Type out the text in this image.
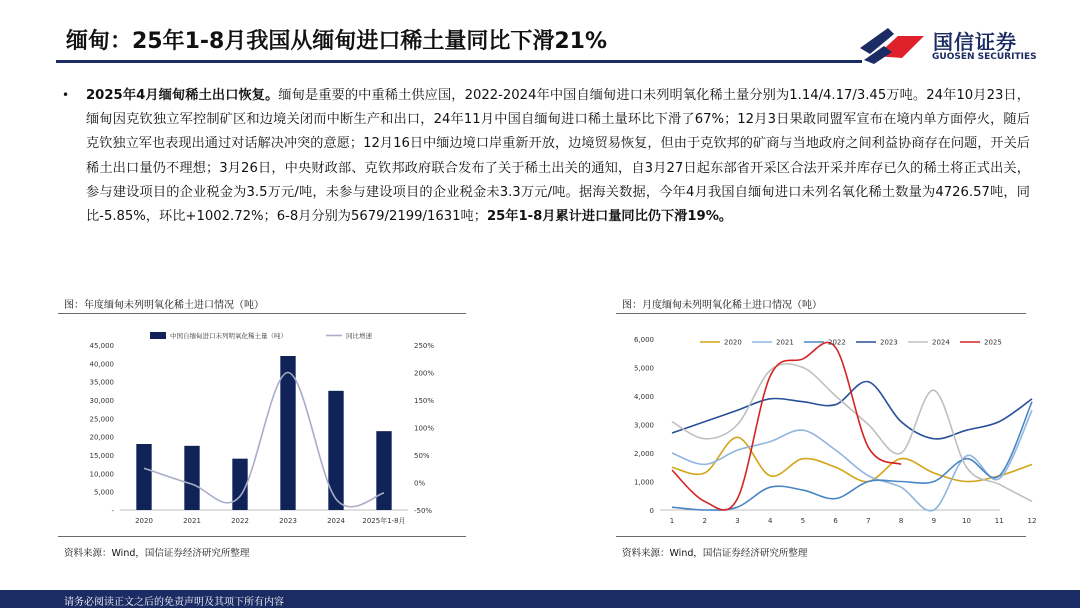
缅甸：25年1-8月我国从缅甸进口稀土量同比下滑21%	国信证券
GUOSEN SECURITIES
• 2025年4月缅甸稀土出口恢复。缅甸是重要的中重稀土供应国，2022-2024年中国自缅甸进口未列明氧化稀土量分别为1.14/4.17/3.45万吨。24年10月23日，缅甸因克钦独立军控制矿区和边境关闭而中断生产和出口，24年11月中国自缅甸进口稀土量环比下滑了67%；12月3日果敢同盟军宣布在境内单方面停火，随后克钦独立军也表现出通过对话解决冲突的意愿；12月16日中缅边境口岸重新开放，边境贸易恢复，但由于克钦邦的矿商与当地政府之间利益协商存在问题，开关后稀土出口量仍不理想；3月26日，中央财政部、克钦邦政府联合发布了关于稀土出关的通知，自3月27日起东部省开采区合法开采并库存已久的稀土将正式出关，参与建设项目的企业税金为3.5万元/吨，未参与建设项目的企业税金未3.3万元/吨。据海关数据，今年4月我国自缅甸进口未列名氧化稀土数量为4726.57吨，同比-5.85%，环比+1002.72%；6-8月分别为5679/2199/1631吨；25年1-8月累计进口量同比仍下滑19%。
图：年度缅甸未列明氧化稀土进口情况（吨）
-
5,000
10,000
15,000
20,000
25,000
30,000
35,000
40,000
45,000
-50%
0%
50%
100%
150%
200%
250%
2020	2021	2022	2023	2024 2025年1-8月
中国自缅甸进口未列明氧化稀土量（吨）	同比增速
资料来源：Wind，国信证券经济研究所整理
图：月度缅甸未列明氧化稀土进口情况（吨）
0
1,000
2,000
3,000
4,000
5,000
6,000
1	2	3	4	5	6	7	8	9	10	11	12
2020	2021	2022	2023	2024	2025
资料来源：Wind，国信证券经济研究所整理
请务必阅读正文之后的免责声明及其项下所有内容
